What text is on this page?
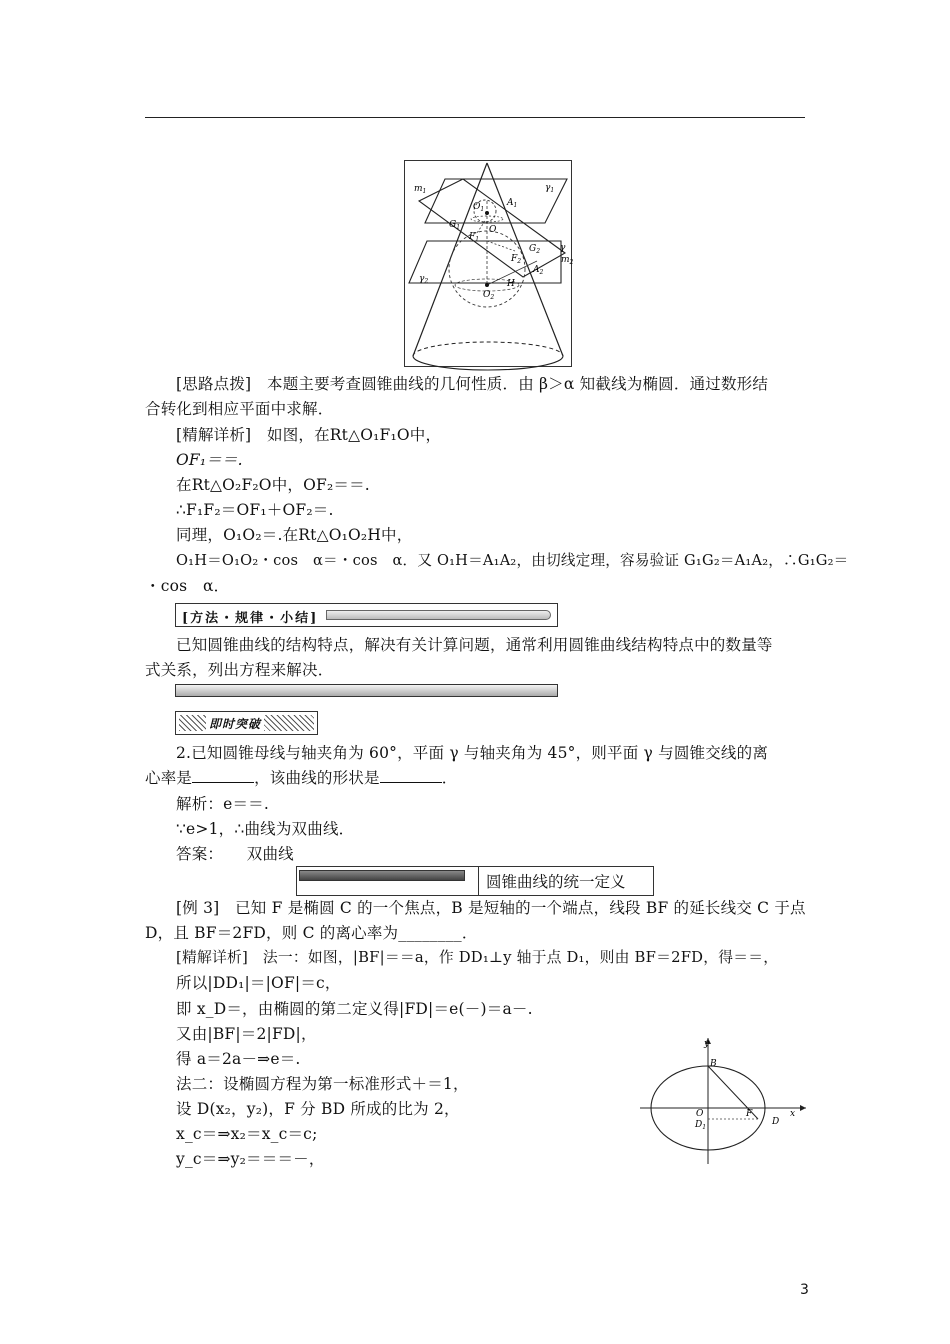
$m_1$	$\gamma_1$
$O_1$
$A_1$
$G_1$	O
$F_1$
$G_2$ γ
$F_2$	$m_2$
$A_2$
$\gamma_2$	H
$O_2$
[思路点拨]　本题主要考查圆锥曲线的几何性质．由 β＞α 知截线为椭圆．通过数形结
合转化到相应平面中求解．
[精解详析]　如图，在Rt△O₁F₁O中，
OF₁＝＝.
在Rt△O₂F₂O中，OF₂＝＝.
∴F₁F₂＝OF₁＋OF₂＝.
同理，O₁O₂＝.在Rt△O₁O₂H中，
O₁H＝O₁O₂・cos　α＝・cos　α．又 O₁H＝A₁A₂，由切线定理，容易验证 G₁G₂＝A₁A₂，∴G₁G₂＝
・cos　α．
[方法・规律・小结]
已知圆锥曲线的结构特点，解决有关计算问题，通常利用圆锥曲线结构特点中的数量等
式关系，列出方程来解决．
即时突破
2.已知圆锥母线与轴夹角为 60°，平面 γ 与轴夹角为 45°，则平面 γ 与圆锥交线的离
心率是	，该曲线的形状是	．
解析：e＝＝.
∵e>1，∴曲线为双曲线．
答案：　　双曲线
圆锥曲线的统一定义
[例 3]　已知 F 是椭圆 C 的一个焦点，B 是短轴的一个端点，线段 BF 的延长线交 C 于点
D，且 BF＝2FD，则 C 的离心率为________．
[精解详析]　法一：如图，|BF|＝＝a，作 DD₁⊥y 轴于点 D₁，则由 BF＝2FD，得＝＝，
所以|DD₁|＝|OF|＝c，
即 x_D＝，由椭圆的第二定义得|FD|＝e(－)＝a－.
又由|BF|＝2|FD|，
得 a＝2a－⇒e＝.
法二：设椭圆方程为第一标准形式＋＝1，
设 D(x₂，y₂)，F 分 BD 所成的比为 2，
x_c＝⇒x₂＝x_c＝c;
y_c＝⇒y₂＝＝＝－，
y
B
O	F
D
x
$D_1$
3
